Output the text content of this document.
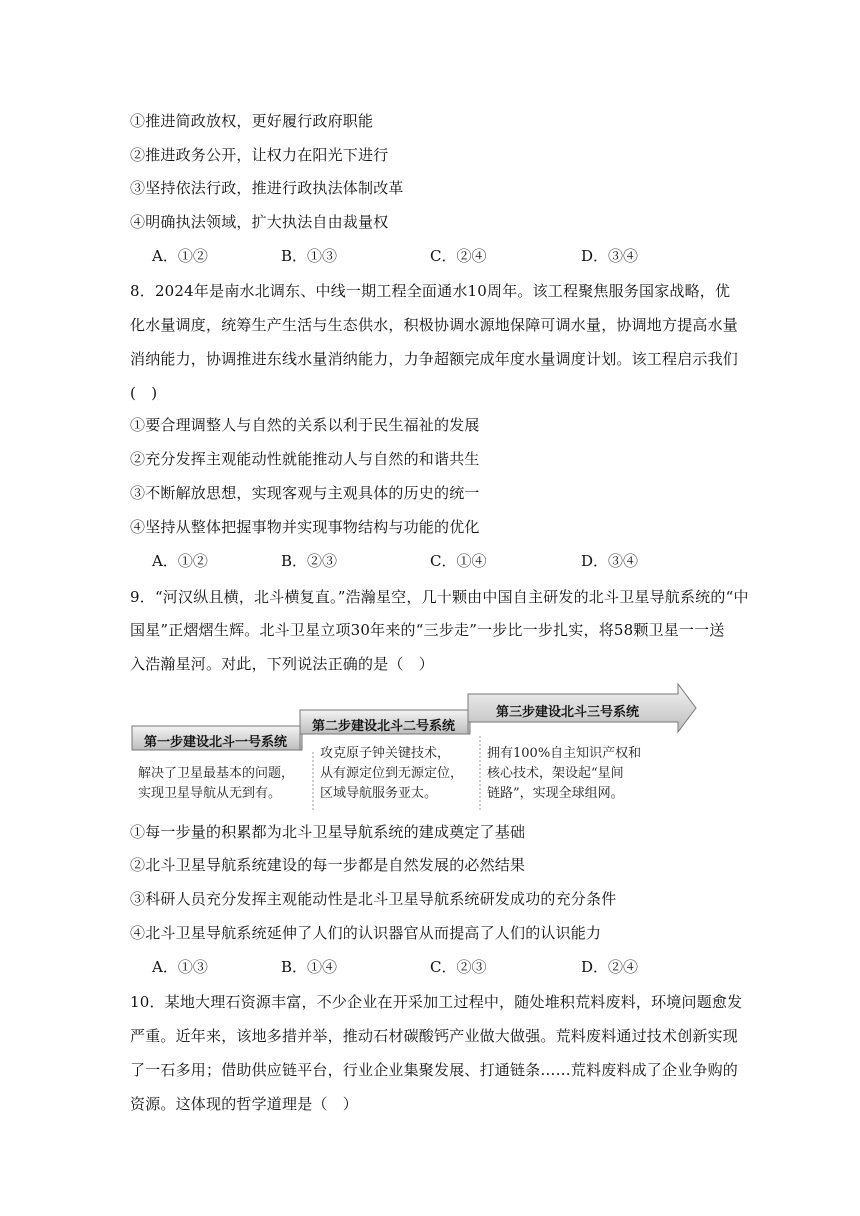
①推进简政放权，更好履行政府职能
②推进政务公开，让权力在阳光下进行
③坚持依法行政，推进行政执法体制改革
④明确执法领域，扩大执法自由裁量权
A．①②	B．①③	C．②④	D．③④
8．2024年是南水北调东、中线一期工程全面通水10周年。该工程聚焦服务国家战略，优
化水量调度，统筹生产生活与生态供水，积极协调水源地保障可调水量，协调地方提高水量
消纳能力，协调推进东线水量消纳能力，力争超额完成年度水量调度计划。该工程启示我们
(　)
①要合理调整人与自然的关系以利于民生福祉的发展
②充分发挥主观能动性就能推动人与自然的和谐共生
③不断解放思想，实现客观与主观具体的历史的统一
④坚持从整体把握事物并实现事物结构与功能的优化
A．①②	B．②③	C．①④	D．③④
9．“河汉纵且横，北斗横复直。”浩瀚星空，几十颗由中国自主研发的北斗卫星导航系统的“中
国星”正熠熠生辉。北斗卫星立项30年来的“三步走”一步比一步扎实，将58颗卫星一一送
入浩瀚星河。对此，下列说法正确的是（　）
第一步建设北斗一号系统
第二步建设北斗二号系统
第三步建设北斗三号系统
解决了卫星最基本的问题，
实现卫星导航从无到有。
攻克原子钟关键技术，
从有源定位到无源定位，
区域导航服务亚太。
拥有100%自主知识产权和
核心技术，架设起“星间
链路”，实现全球组网。
①每一步量的积累都为北斗卫星导航系统的建成奠定了基础
②北斗卫星导航系统建设的每一步都是自然发展的必然结果
③科研人员充分发挥主观能动性是北斗卫星导航系统研发成功的充分条件
④北斗卫星导航系统延伸了人们的认识器官从而提高了人们的认识能力
A．①③	B．①④	C．②③	D．②④
10．某地大理石资源丰富，不少企业在开采加工过程中，随处堆积荒料废料，环境问题愈发
严重。近年来，该地多措并举，推动石材碳酸钙产业做大做强。荒料废料通过技术创新实现
了一石多用；借助供应链平台，行业企业集聚发展、打通链条……荒料废料成了企业争购的
资源。这体现的哲学道理是（　）
